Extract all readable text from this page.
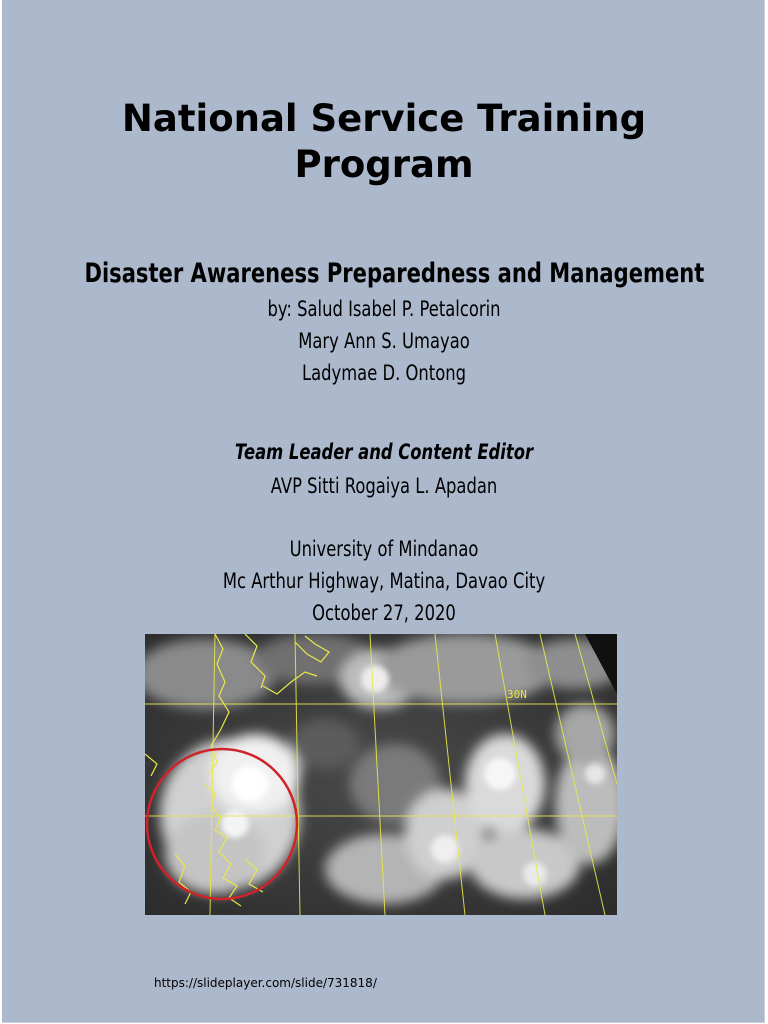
National Service Training
Program
Disaster Awareness Preparedness and Management
by: Salud Isabel P. Petalcorin
Mary Ann S. Umayao
Ladymae D. Ontong
Team Leader and Content Editor
AVP Sitti Rogaiya L. Apadan
University of Mindanao
Mc Arthur Highway, Matina, Davao City
October 27, 2020
30N
https://slideplayer.com/slide/731818/
